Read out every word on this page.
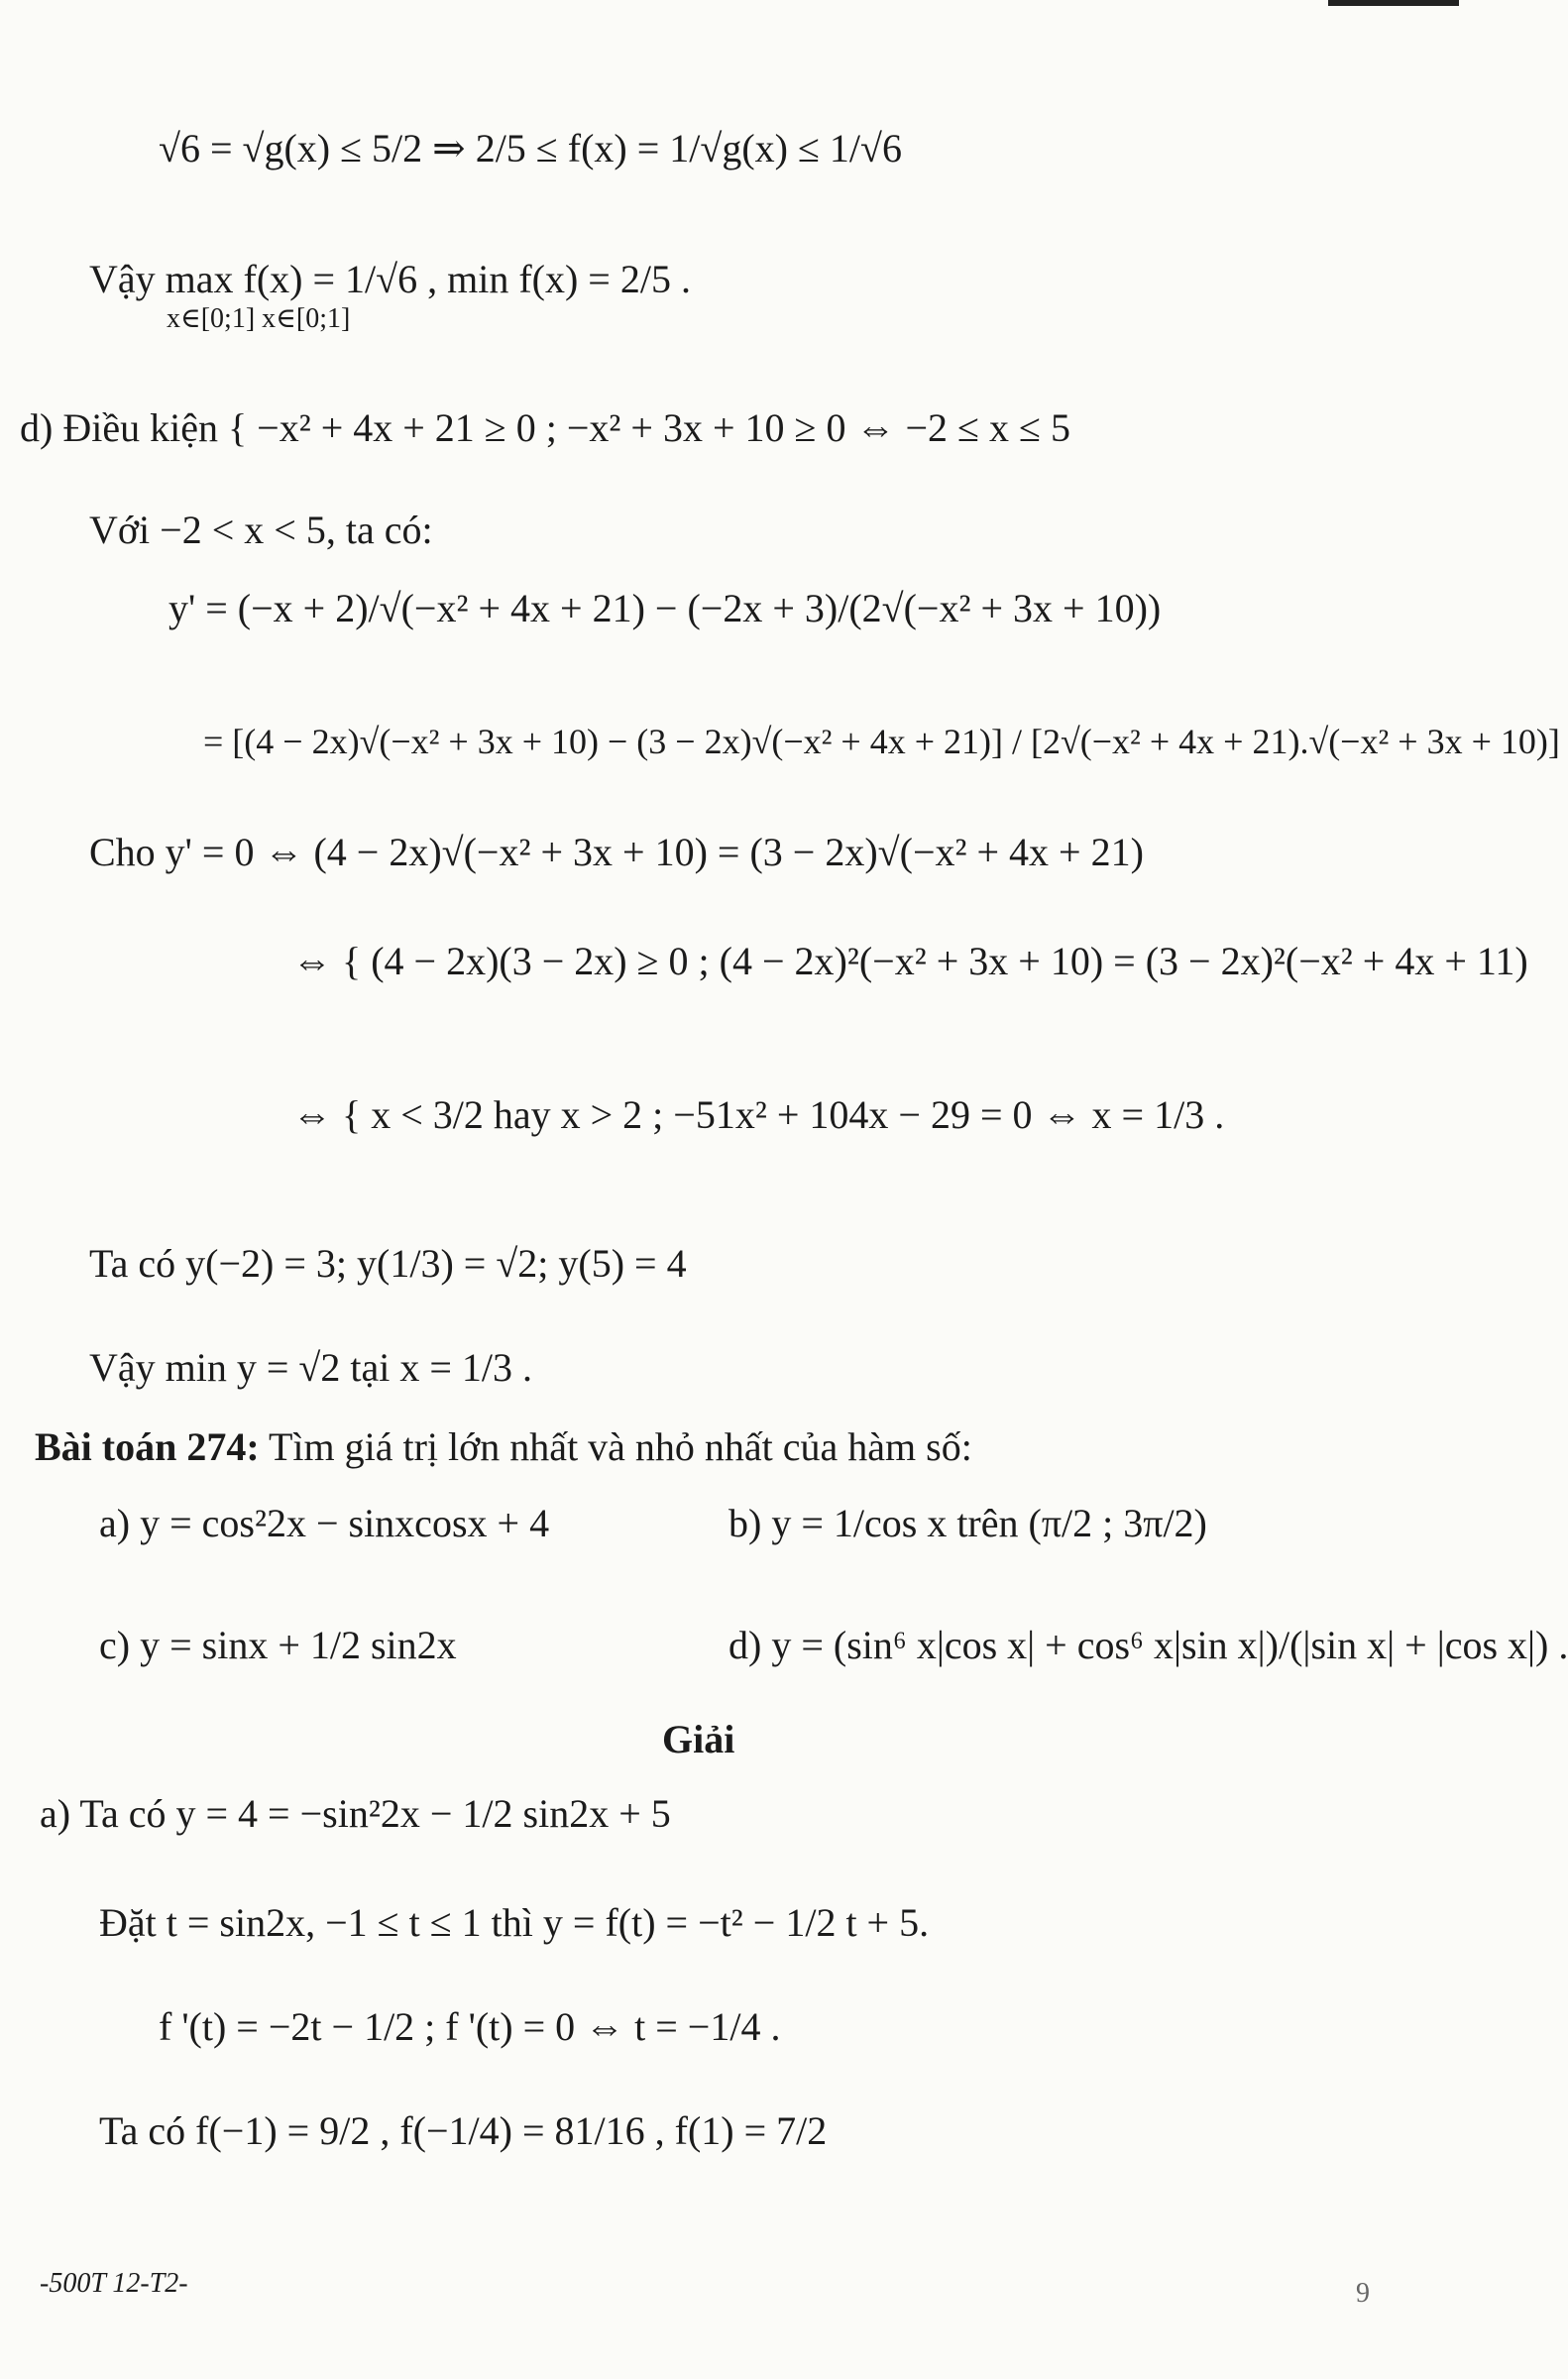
√6 = √g(x) ≤ 5/2 ⇒ 2/5 ≤ f(x) = 1/√g(x) ≤ 1/√6
Vậy max f(x) = 1/√6 , min f(x) = 2/5 .
x∈[0;1] x∈[0;1]
d) Điều kiện { −x² + 4x + 21 ≥ 0 ; −x² + 3x + 10 ≥ 0 ⇔ −2 ≤ x ≤ 5
Với −2 < x < 5, ta có:
y' = (−x + 2)/√(−x² + 4x + 21) − (−2x + 3)/(2√(−x² + 3x + 10))
= [(4 − 2x)√(−x² + 3x + 10) − (3 − 2x)√(−x² + 4x + 21)] / [2√(−x² + 4x + 21).√(−x² + 3x + 10)]
Cho y' = 0 ⇔ (4 − 2x)√(−x² + 3x + 10) = (3 − 2x)√(−x² + 4x + 21)
⇔ { (4 − 2x)(3 − 2x) ≥ 0 ; (4 − 2x)²(−x² + 3x + 10) = (3 − 2x)²(−x² + 4x + 11)
⇔ { x < 3/2 hay x > 2 ; −51x² + 104x − 29 = 0 ⇔ x = 1/3 .
Ta có y(−2) = 3; y(1/3) = √2; y(5) = 4
Vậy min y = √2 tại x = 1/3 .
Bài toán 274: Tìm giá trị lớn nhất và nhỏ nhất của hàm số:
a) y = cos²2x − sinxcosx + 4	b) y = 1/cos x trên (π/2 ; 3π/2)
c) y = sinx + 1/2 sin2x	d) y = (sin⁶ x|cos x| + cos⁶ x|sin x|)/(|sin x| + |cos x|) .
Giải
a) Ta có y = 4 = −sin²2x − 1/2 sin2x + 5
Đặt t = sin2x, −1 ≤ t ≤ 1 thì y = f(t) = −t² − 1/2 t + 5.
f '(t) = −2t − 1/2 ; f '(t) = 0 ⇔ t = −1/4 .
Ta có f(−1) = 9/2 , f(−1/4) = 81/16 , f(1) = 7/2
-500T 12-T2-	9
